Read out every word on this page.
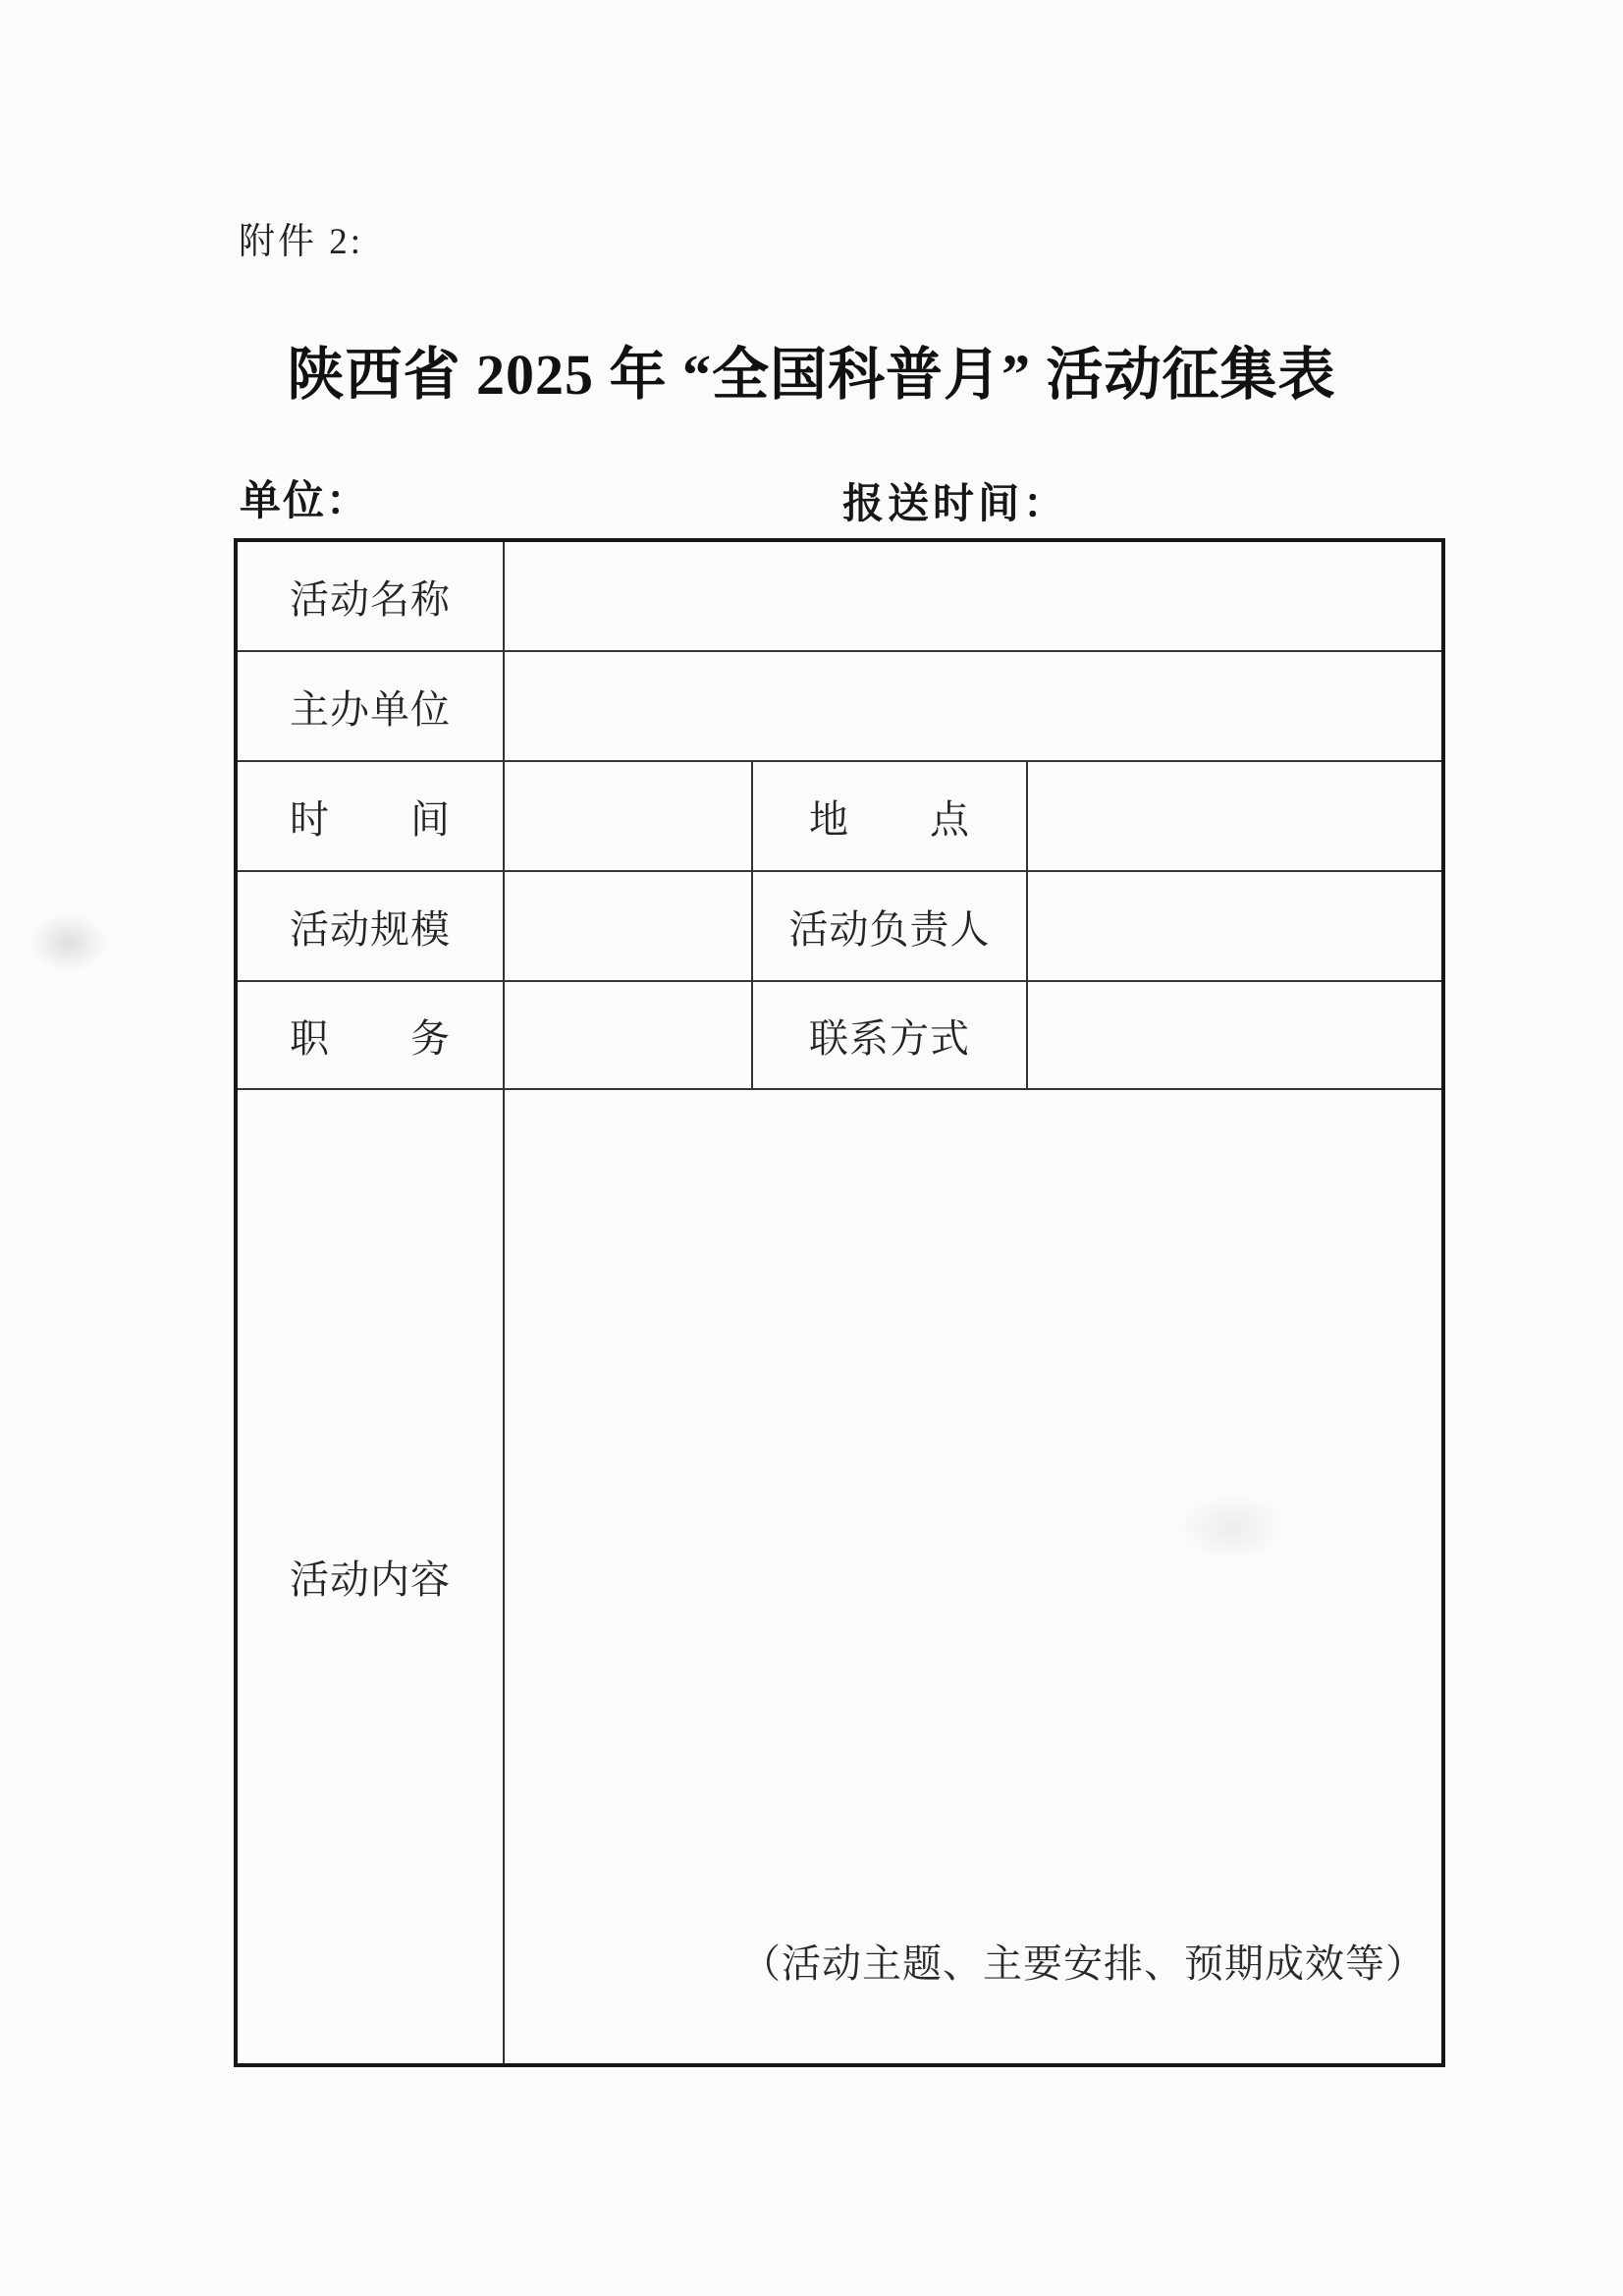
附件 2:
陕西省 2025 年 “全国科普月” 活动征集表
单位：	报送时间：
活动名称
主办单位
时　　间	地　　点
活动规模	活动负责人
职　　务	联系方式
活动内容
（活动主题、主要安排、预期成效等）
